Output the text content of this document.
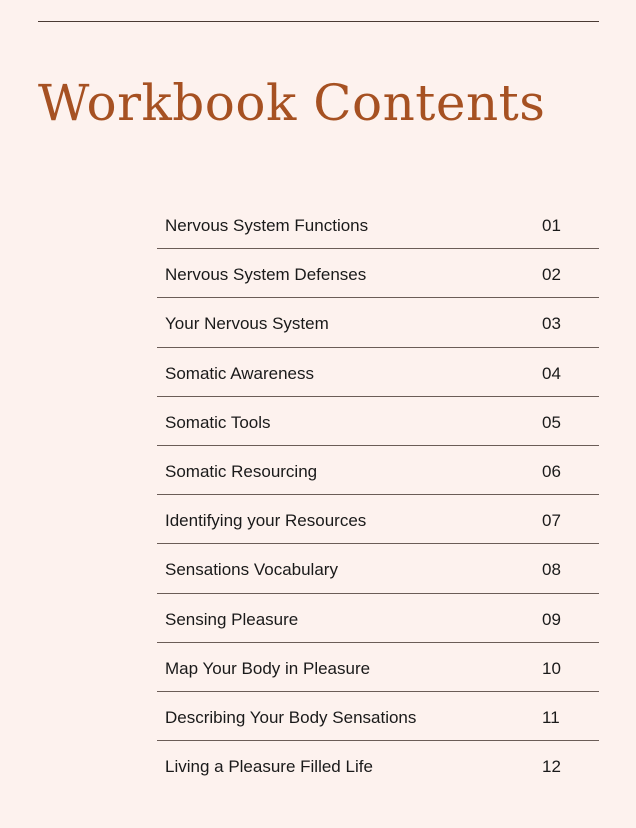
Workbook Contents
Nervous System Functions	01
Nervous System Defenses	02
Your Nervous System	03
Somatic Awareness	04
Somatic Tools	05
Somatic Resourcing	06
Identifying your Resources	07
Sensations Vocabulary	08
Sensing Pleasure	09
Map Your Body in Pleasure	10
Describing Your Body Sensations	11
Living a Pleasure Filled Life	12
